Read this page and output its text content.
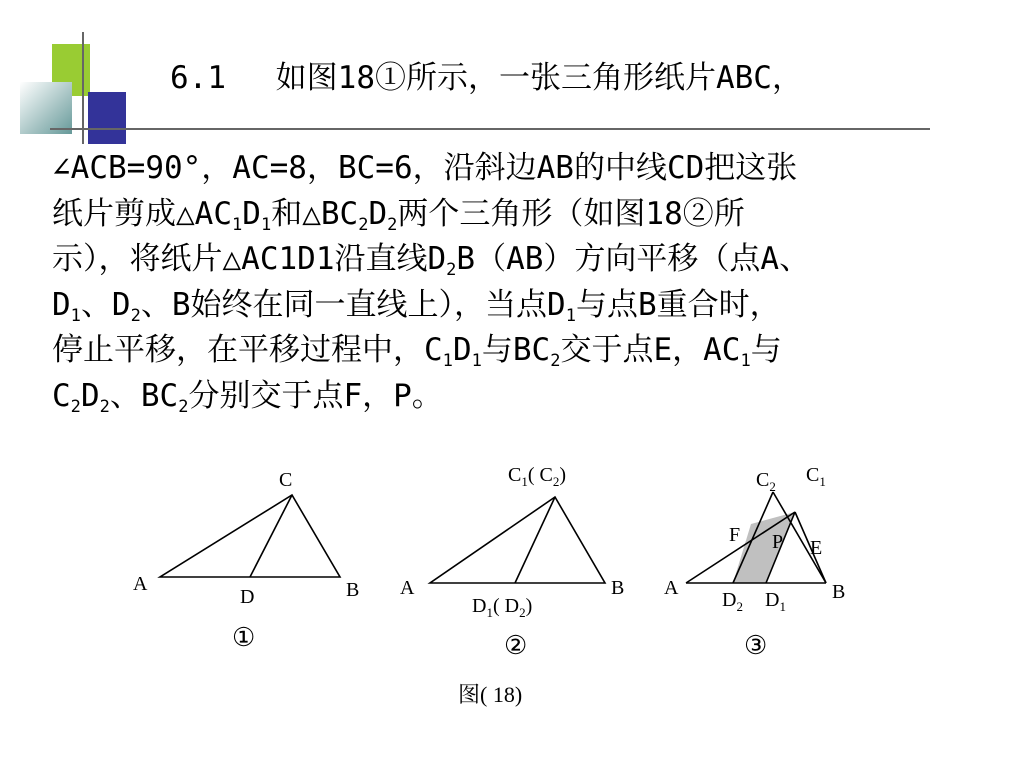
6.1　 如图18①所示，一张三角形纸片ABC，
∠ACB=90°，AC=8，BC=6，沿斜边AB的中线CD把这张
纸片剪成$\triangle AC_1D_1$和$\triangle BC_2D_2$两个三角形（如图18②所
示），将纸片△AC1D1沿直线$D_2B(AB)$方向平移（点A、
$D_1$、$D_2$、B始终在同一直线上），当点$D_1$与点B重合时，
停止平移，在平移过程中，$C_1D_1$与$BC_2$交于点E，$AC_1$与
$C_2D_2$、$BC_2$分别交于点F，P。
C
A
D	B
①
$C_1$( $C_2$)
A	B
$D_1$( $D_2$)
②
$C_2$
$C_1$
F P E
A	B
$D_2$ $D_1$
③
图( 18)
